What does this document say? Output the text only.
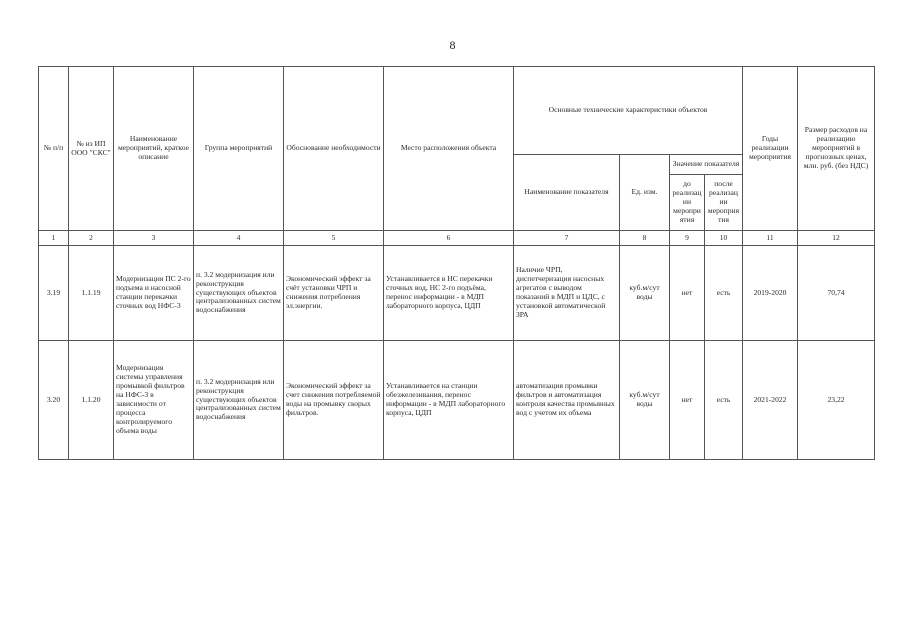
8
№ п/п	№ из ИП ООО "СКС"	Наименование мероприятий, краткое описание	Группа мероприятий	Обоснование необходимости	Место расположения объекта	Основные технические характеристики объектов				Годы реализации мероприятия	Размер расходов на реализацию мероприятий в прогнозных ценах, млн. руб. (без НДС)
						Наименование показателя	Ед. изм.	Значение показателя			
								до реализации мероприятия	после реализации мероприятия		
1	2	3	4	5	6	7	8	9	10	11	12
3.19	1.1.19	Модернизация ПС 2-го подъема и насосной станции перекачки сточных вод НФС-3	п. 3.2 модернизация или реконструкция существующих объектов централизованных систем водоснабжения	Экономический эффект за счёт установки ЧРП и снижения потребления эл.энергии.	Устанавливается в НС перекачки сточных вод, НС 2-го подъёма, перенос информации - в МДП лабораторного корпуса, ЦДП	Наличие ЧРП, диспетчеризация насосных агрегатов с выводом показаний в МДП и ЦДС, с установкой автоматической ЗРА	куб.м/сут воды	нет	есть	2019-2020	70,74
3.20	1.1.20	Модернизация системы управления промывкой фильтров на НФС-3 в зависимости от процесса контролируемого объема воды	п. 3.2 модернизация или реконструкция существующих объектов централизованных систем водоснабжения	Экономический эффект за счет снижения потребляемой воды на промывку скорых фильтров.	Устанавливается на станции обезжелезивания, перенос информации - в МДП лабораторного корпуса, ЦДП	автоматизация промывки фильтров и автоматизация контроля качества промывных вод с учетом их объема	куб.м/сут воды	нет	есть	2021-2022	23,22
